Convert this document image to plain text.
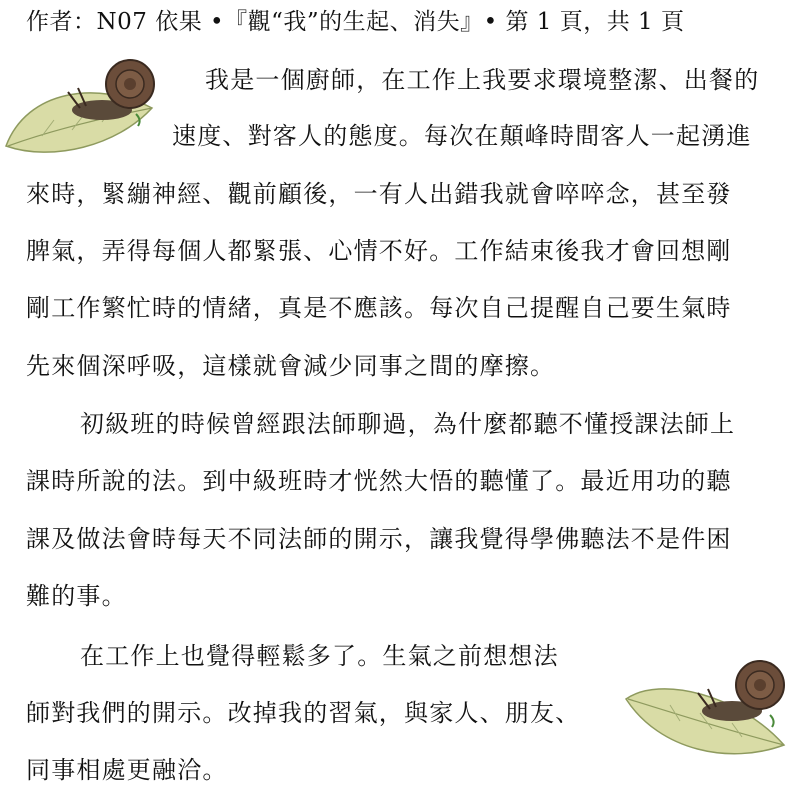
作者：N07 依果 •『觀“我”的生起、消失』• 第 1 頁，共 1 頁
我是一個廚師，在工作上我要求環境整潔、出餐的
速度、對客人的態度。每次在顛峰時間客人一起湧進
來時，緊繃神經、觀前顧後，一有人出錯我就會啐啐念，甚至發
脾氣，弄得每個人都緊張、心情不好。工作結束後我才會回想剛
剛工作繁忙時的情緒，真是不應該。每次自己提醒自己要生氣時
先來個深呼吸，這樣就會減少同事之間的摩擦。
初級班的時候曾經跟法師聊過，為什麼都聽不懂授課法師上
課時所說的法。到中級班時才恍然大悟的聽懂了。最近用功的聽
課及做法會時每天不同法師的開示，讓我覺得學佛聽法不是件困
難的事。
在工作上也覺得輕鬆多了。生氣之前想想法
師對我們的開示。改掉我的習氣，與家人、朋友、
同事相處更融洽。
